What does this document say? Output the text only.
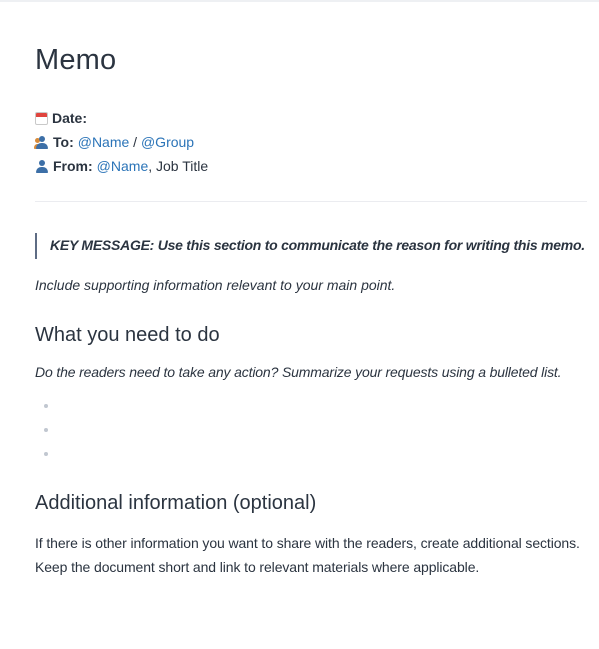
Memo
Date:
To: @Name / @Group
From: @Name , Job Title
KEY MESSAGE: Use this section to communicate the reason for writing this memo.
Include supporting information relevant to your main point.
What you need to do
Do the readers need to take any action? Summarize your requests using a bulleted list.
Additional information (optional)
If there is other information you want to share with the readers, create additional sections.
Keep the document short and link to relevant materials where applicable.
